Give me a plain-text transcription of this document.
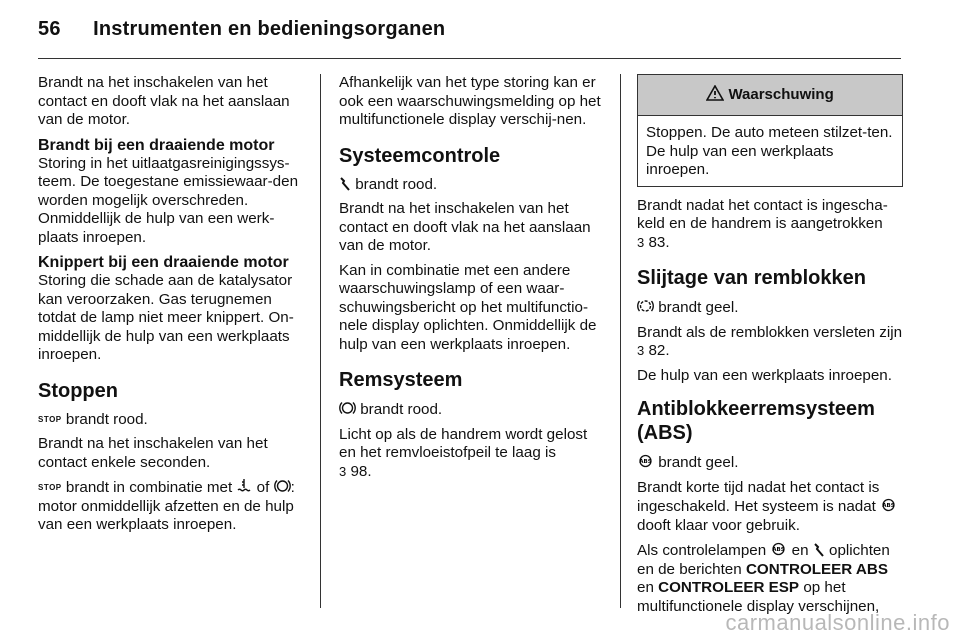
56 Instrumenten en bedieningsorganen

Brandt na het inschakelen van het contact en dooft vlak na het aanslaan van de motor.

Brandt bij een draaiende motor

Storing in het uitlaatgasreinigingssys-teem. De toegestane emissiewaar-den worden mogelijk overschreden. Onmiddellijk de hulp van een werk-plaats inroepen.

Knippert bij een draaiende motor

Storing die schade aan de katalysator kan veroorzaken. Gas terugnemen totdat de lamp niet meer knippert. On-middellijk de hulp van een werkplaats inroepen.

Stoppen

STOP brandt rood.

Brandt na het inschakelen van het contact enkele seconden.

STOP brandt in combinatie met of : motor onmiddellijk afzetten en de hulp van een werkplaats inroepen.

Afhankelijk van het type storing kan er ook een waarschuwingsmelding op het multifunctionele display verschij-nen.

Systeemcontrole

brandt rood.

Brandt na het inschakelen van het contact en dooft vlak na het aanslaan van de motor.

Kan in combinatie met een andere waarschuwingslamp of een waar-schuwingsbericht op het multifunctio-nele display oplichten. Onmiddellijk de hulp van een werkplaats inroepen.

Remsysteem

brandt rood.

Licht op als de handrem wordt gelost en het remvloeistofpeil te laag is
3 98.

Waarschuwing
Stoppen. De auto meteen stilzet-ten. De hulp van een werkplaats inroepen.

Brandt nadat het contact is ingescha-keld en de handrem is aangetrokken
3 83.

Slijtage van remblokken

brandt geel.

Brandt als de remblokken versleten zijn 3 82.

De hulp van een werkplaats inroepen.

Antiblokkeerremsysteem (ABS)

ABS brandt geel.

Brandt korte tijd nadat het contact is ingeschakeld. Het systeem is nadat ABS
dooft klaar voor gebruik.

Als controlelampen ABS en oplichten en de berichten CONTROLEER ABS en CONTROLEER ESP op het multifunctionele display verschijnen,

carmanualsonline.info
